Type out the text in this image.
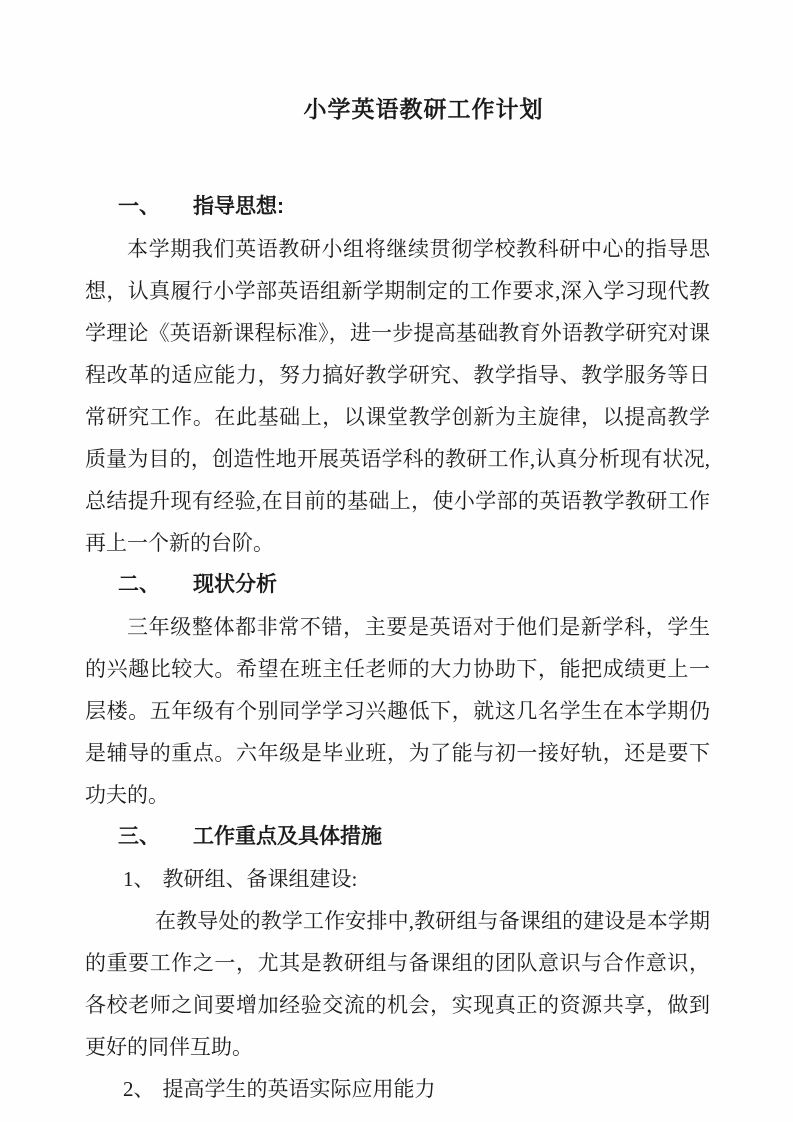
小学英语教研工作计划
一、 指导思想:

本学期我们英语教研小组将继续贯彻学校教科研中心的指导思想，认真履行小学部英语组新学期制定的工作要求,深入学习现代教学理论《英语新课程标准》，进一步提高基础教育外语教学研究对课程改革的适应能力，努力搞好教学研究、教学指导、教学服务等日常研究工作。在此基础上，以课堂教学创新为主旋律，以提高教学质量为目的，创造性地开展英语学科的教研工作,认真分析现有状况,总结提升现有经验,在目前的基础上，使小学部的英语教学教研工作再上一个新的台阶。

二、 现状分析

三年级整体都非常不错，主要是英语对于他们是新学科，学生的兴趣比较大。希望在班主任老师的大力协助下，能把成绩更上一层楼。五年级有个别同学学习兴趣低下，就这几名学生在本学期仍是辅导的重点。六年级是毕业班，为了能与初一接好轨，还是要下功夫的。

三、 工作重点及具体措施

1、 教研组、备课组建设:

在教导处的教学工作安排中,教研组与备课组的建设是本学期的重要工作之一，尤其是教研组与备课组的团队意识与合作意识，各校老师之间要增加经验交流的机会，实现真正的资源共享，做到更好的同伴互助。

2、 提高学生的英语实际应用能力
